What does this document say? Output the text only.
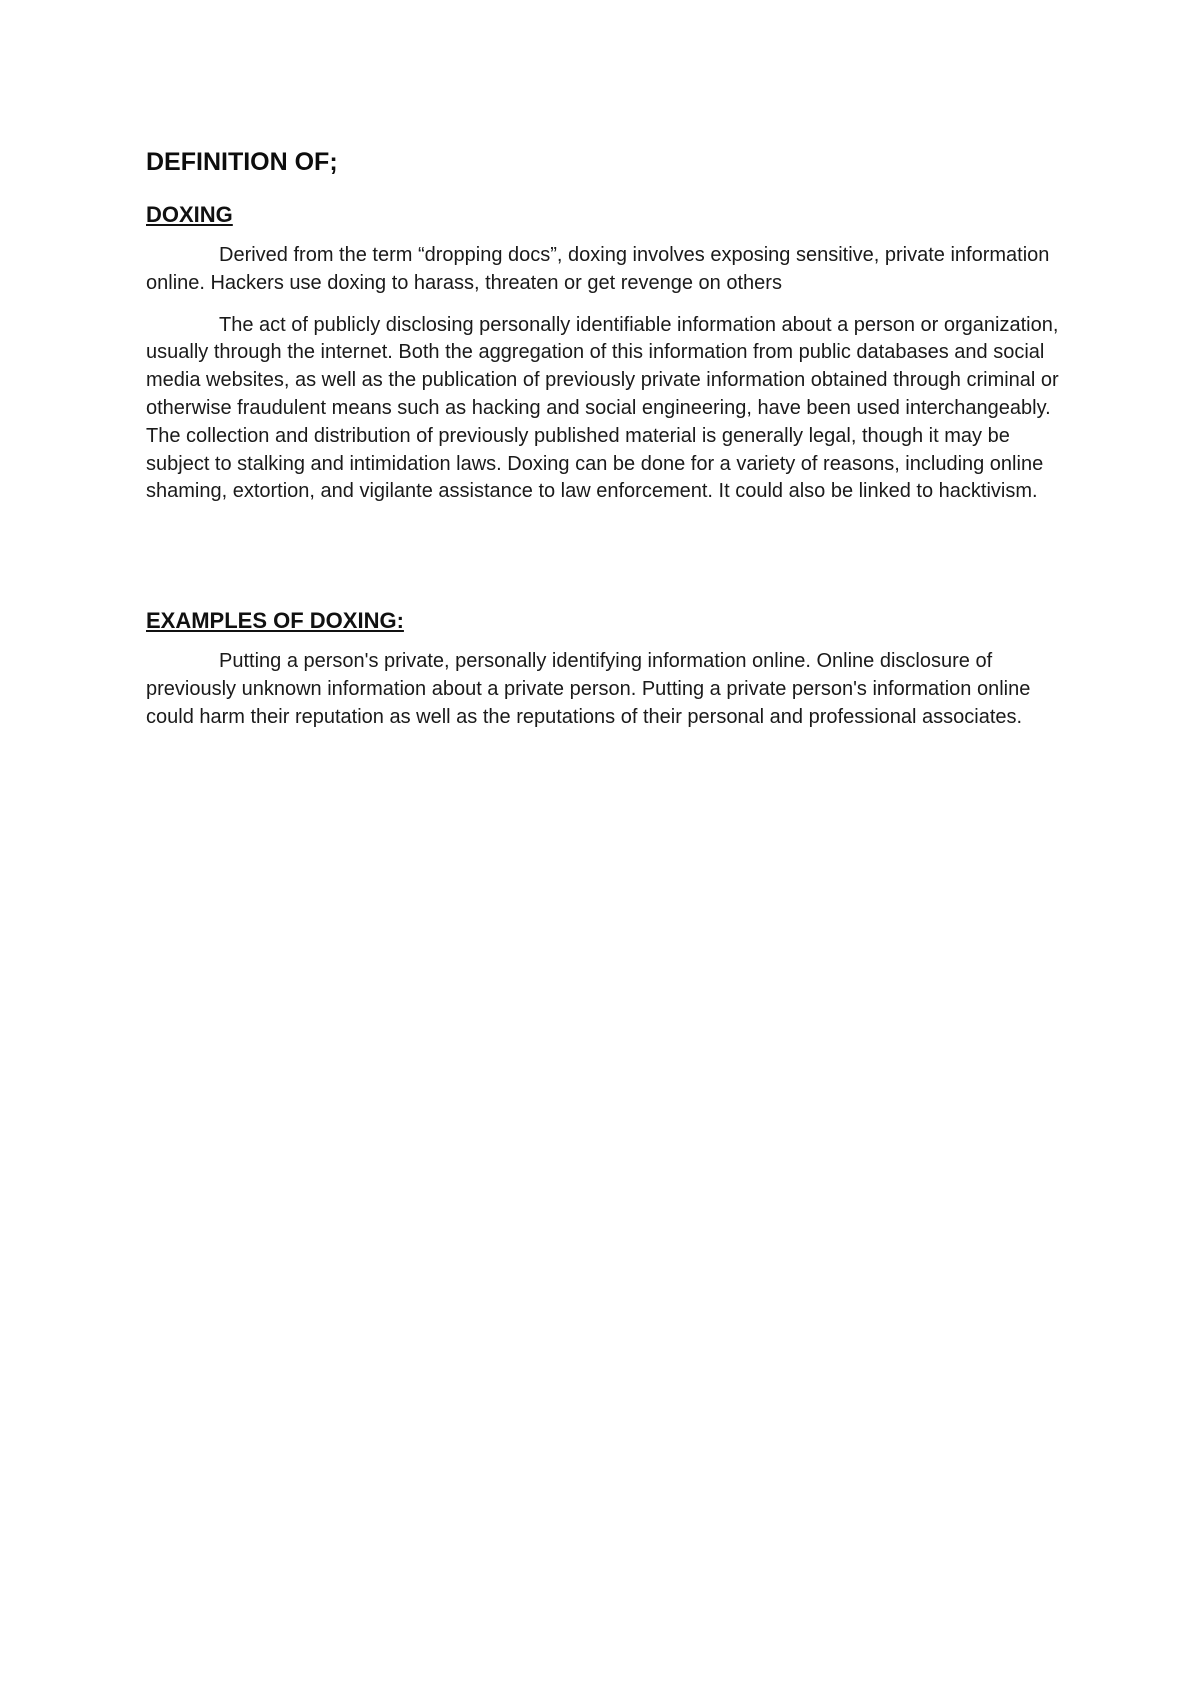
DEFINITION OF;
DOXING

Derived from the term “dropping docs”, doxing involves exposing sensitive, private information online. Hackers use doxing to harass, threaten or get revenge on others

The act of publicly disclosing personally identifiable information about a person or organization, usually through the internet. Both the aggregation of this information from public databases and social media websites, as well as the publication of previously private information obtained through criminal or otherwise fraudulent means such as hacking and social engineering, have been used interchangeably. The collection and distribution of previously published material is generally legal, though it may be subject to stalking and intimidation laws. Doxing can be done for a variety of reasons, including online shaming, extortion, and vigilante assistance to law enforcement. It could also be linked to hacktivism.

EXAMPLES OF DOXING:

Putting a person's private, personally identifying information online. Online disclosure of previously unknown information about a private person. Putting a private person's information online could harm their reputation as well as the reputations of their personal and professional associates.
